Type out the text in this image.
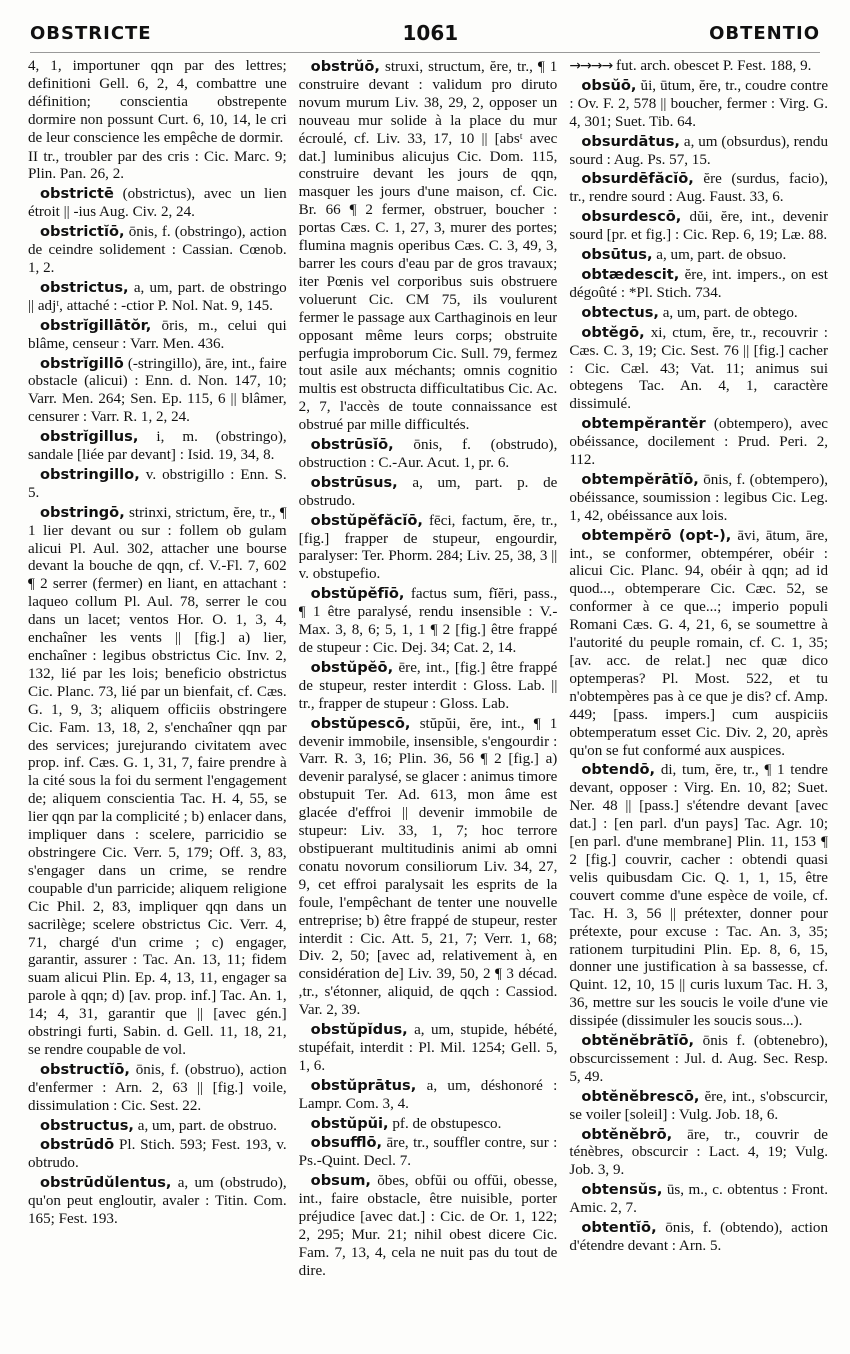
OBSTRICTE	1061	OBTENTIO

4, 1, importuner qqn par des lettres; definitioni Gell. 6, 2, 4, combattre une définition; conscientia obstrepente dormire non possunt Curt. 6, 10, 14, le cri de leur conscience les empêche de dormir.

II tr., troubler par des cris : Cic. Marc. 9; Plin. Pan. 26, 2.

obstrictē (obstrictus), avec un lien étroit || -ius Aug. Civ. 2, 24.

obstrictĭō, ōnis, f. (obstringo), action de ceindre solidement : Cassian. Cœnob. 1, 2.

obstrictus, a, um, part. de obstringo || adjᵗ, attaché : -ctior P. Nol. Nat. 9, 145.

obstrĭgillātŏr, ōris, m., celui qui blâme, censeur : Varr. Men. 436.

obstrĭgillō (-stringillo), āre, int., faire obstacle (alicui) : Enn. d. Non. 147, 10; Varr. Men. 264; Sen. Ep. 115, 6 || blâmer, censurer : Varr. R. 1, 2, 24.

obstrĭgillus, i, m. (obstringo), sandale [liée par devant] : Isid. 19, 34, 8.

obstringillo, v. obstrigillo : Enn. S. 5.

obstringō, strinxi, strictum, ĕre, tr., ¶ 1 lier devant ou sur : follem ob gulam alicui Pl. Aul. 302, attacher une bourse devant la bouche de qqn, cf. V.-Fl. 7, 602 ¶ 2 serrer (fermer) en liant, en attachant : laqueo collum Pl. Aul. 78, serrer le cou dans un lacet; ventos Hor. O. 1, 3, 4, enchaîner les vents || [fig.] a) lier, enchaîner : legibus obstrictus Cic. Inv. 2, 132, lié par les lois; beneficio obstrictus Cic. Planc. 73, lié par un bienfait, cf. Cæs. G. 1, 9, 3; aliquem officiis obstringere Cic. Fam. 13, 18, 2, s'enchaîner qqn par des services; jurejurando civitatem avec prop. inf. Cæs. G. 1, 31, 7, faire prendre à la cité sous la foi du serment l'engagement de; aliquem conscientia Tac. H. 4, 55, se lier qqn par la complicité ; b) enlacer dans, impliquer dans : scelere, parricidio se obstringere Cic. Verr. 5, 179; Off. 3, 83, s'engager dans un crime, se rendre coupable d'un parricide; aliquem religione Cic Phil. 2, 83, impliquer qqn dans un sacrilège; scelere obstrictus Cic. Verr. 4, 71, chargé d'un crime ; c) engager, garantir, assurer : Tac. An. 13, 11; fidem suam alicui Plin. Ep. 4, 13, 11, engager sa parole à qqn; d) [av. prop. inf.] Tac. An. 1, 14; 4, 31, garantir que || [avec gén.] obstringi furti, Sabin. d. Gell. 11, 18, 21, se rendre coupable de vol.

obstructĭō, ōnis, f. (obstruo), action d'enfermer : Arn. 2, 63 || [fig.] voile, dissimulation : Cic. Sest. 22.

obstructus, a, um, part. de obstruo.

obstrūdō Pl. Stich. 593; Fest. 193, v. obtrudo.

obstrūdŭlentus, a, um (obstrudo), qu'on peut engloutir, avaler : Titin. Com. 165; Fest. 193.

obstrŭō, struxi, structum, ĕre, tr., ¶ 1 construire devant : validum pro diruto novum murum Liv. 38, 29, 2, opposer un nouveau mur solide à la place du mur écroulé, cf. Liv. 33, 17, 10 || [absᵗ avec dat.] luminibus alicujus Cic. Dom. 115, construire devant les jours de qqn, masquer les jours d'une maison, cf. Cic. Br. 66 ¶ 2 fermer, obstruer, boucher : portas Cæs. C. 1, 27, 3, murer des portes; flumina magnis operibus Cæs. C. 3, 49, 3, barrer les cours d'eau par de gros travaux; iter Pœnis vel corporibus suis obstruere voluerunt Cic. CM 75, ils voulurent fermer le passage aux Carthaginois en leur opposant même leurs corps; obstruite perfugia improborum Cic. Sull. 79, fermez tout asile aux méchants; omnis cognitio multis est obstructa difficultatibus Cic. Ac. 2, 7, l'accès de toute connaissance est obstrué par mille difficultés.

obstrūsĭō, ōnis, f. (obstrudo), obstruction : C.-Aur. Acut. 1, pr. 6.

obstrūsus, a, um, part. p. de obstrudo.

obstŭpĕfăcĭō, fēci, factum, ĕre, tr., [fig.] frapper de stupeur, engourdir, paralyser: Ter. Phorm. 284; Liv. 25, 38, 3 || v. obstupefio.

obstŭpĕfīō, factus sum, fĭĕri, pass., ¶ 1 être paralysé, rendu insensible : V.-Max. 3, 8, 6; 5, 1, 1 ¶ 2 [fig.] être frappé de stupeur : Cic. Dej. 34; Cat. 2, 14.

obstŭpĕō, ēre, int., [fig.] être frappé de stupeur, rester interdit : Gloss. Lab. || tr., frapper de stupeur : Gloss. Lab.

obstŭpescō, stŭpŭi, ĕre, int., ¶ 1 devenir immobile, insensible, s'engourdir : Varr. R. 3, 16; Plin. 36, 56 ¶ 2 [fig.] a) devenir paralysé, se glacer : animus timore obstupuit Ter. Ad. 613, mon âme est glacée d'effroi || devenir immobile de stupeur: Liv. 33, 1, 7; hoc terrore obstipuerant multitudinis animi ab omni conatu novorum consiliorum Liv. 34, 27, 9, cet effroi paralysait les esprits de la foule, l'empêchant de tenter une nouvelle entreprise; b) être frappé de stupeur, rester interdit : Cic. Att. 5, 21, 7; Verr. 1, 68; Div. 2, 50; [avec ad, relativement à, en considération de] Liv. 39, 50, 2 ¶ 3 décad. ,tr., s'étonner, aliquid, de qqch : Cassiod. Var. 2, 39.

obstŭpĭdus, a, um, stupide, hébété, stupéfait, interdit : Pl. Mil. 1254; Gell. 5, 1, 6.

obstŭprātus, a, um, déshonoré : Lampr. Com. 3, 4.

obstŭpŭi, pf. de obstupesco.

obsufflō, āre, tr., souffler contre, sur : Ps.-Quint. Decl. 7.

obsum, ŏbes, obfŭi ou offŭi, obesse, int., faire obstacle, être nuisible, porter préjudice [avec dat.] : Cic. de Or. 1, 122; 2, 295; Mur. 21; nihil obest dicere Cic. Fam. 7, 13, 4, cela ne nuit pas du tout de dire.

→→→→ fut. arch. obescet P. Fest. 188, 9.

obsŭō, ŭi, ūtum, ĕre, tr., coudre contre : Ov. F. 2, 578 || boucher, fermer : Virg. G. 4, 301; Suet. Tib. 64.

obsurdātus, a, um (obsurdus), rendu sourd : Aug. Ps. 57, 15.

obsurdēfăcĭō, ĕre (surdus, facio), tr., rendre sourd : Aug. Faust. 33, 6.

obsurdescō, dŭi, ĕre, int., devenir sourd [pr. et fig.] : Cic. Rep. 6, 19; Læ. 88.

obsūtus, a, um, part. de obsuo.

obtædescit, ĕre, int. impers., on est dégoûté : *Pl. Stich. 734.

obtectus, a, um, part. de obtego.

obtĕgō, xi, ctum, ĕre, tr., recouvrir : Cæs. C. 3, 19; Cic. Sest. 76 || [fig.] cacher : Cic. Cæl. 43; Vat. 11; animus sui obtegens Tac. An. 4, 1, caractère dissimulé.

obtempĕrantĕr (obtempero), avec obéissance, docilement : Prud. Peri. 2, 112.

obtempĕrātĭō, ōnis, f. (obtempero), obéissance, soumission : legibus Cic. Leg. 1, 42, obéissance aux lois.

obtempĕrō (opt-), āvi, ātum, āre, int., se conformer, obtempérer, obéir : alicui Cic. Planc. 94, obéir à qqn; ad id quod..., obtemperare Cic. Cæc. 52, se conformer à ce que...; imperio populi Romani Cæs. G. 4, 21, 6, se soumettre à l'autorité du peuple romain, cf. C. 1, 35; [av. acc. de relat.] nec quæ dico optemperas? Pl. Most. 522, et tu n'obtempères pas à ce que je dis? cf. Amp. 449; [pass. impers.] cum auspiciis obtemperatum esset Cic. Div. 2, 20, après qu'on se fut conformé aux auspices.

obtendō, di, tum, ĕre, tr., ¶ 1 tendre devant, opposer : Virg. En. 10, 82; Suet. Ner. 48 || [pass.] s'étendre devant [avec dat.] : [en parl. d'un pays] Tac. Agr. 10; [en parl. d'une membrane] Plin. 11, 153 ¶ 2 [fig.] couvrir, cacher : obtendi quasi velis quibusdam Cic. Q. 1, 1, 15, être couvert comme d'une espèce de voile, cf. Tac. H. 3, 56 || prétexter, donner pour prétexte, pour excuse : Tac. An. 3, 35; rationem turpitudini Plin. Ep. 8, 6, 15, donner une justification à sa bassesse, cf. Quint. 12, 10, 15 || curis luxum Tac. H. 3, 36, mettre sur les soucis le voile d'une vie dissipée (dissimuler les soucis sous...).

obtĕnĕbrātĭō, ōnis f. (obtenebro), obscurcissement : Jul. d. Aug. Sec. Resp. 5, 49.

obtĕnĕbrescō, ĕre, int., s'obscurcir, se voiler [soleil] : Vulg. Job. 18, 6.

obtĕnĕbrō, āre, tr., couvrir de ténèbres, obscurcir : Lact. 4, 19; Vulg. Job. 3, 9.

obtensŭs, ūs, m., c. obtentus : Front. Amic. 2, 7.

obtentĭō, ōnis, f. (obtendo), action d'étendre devant : Arn. 5.
